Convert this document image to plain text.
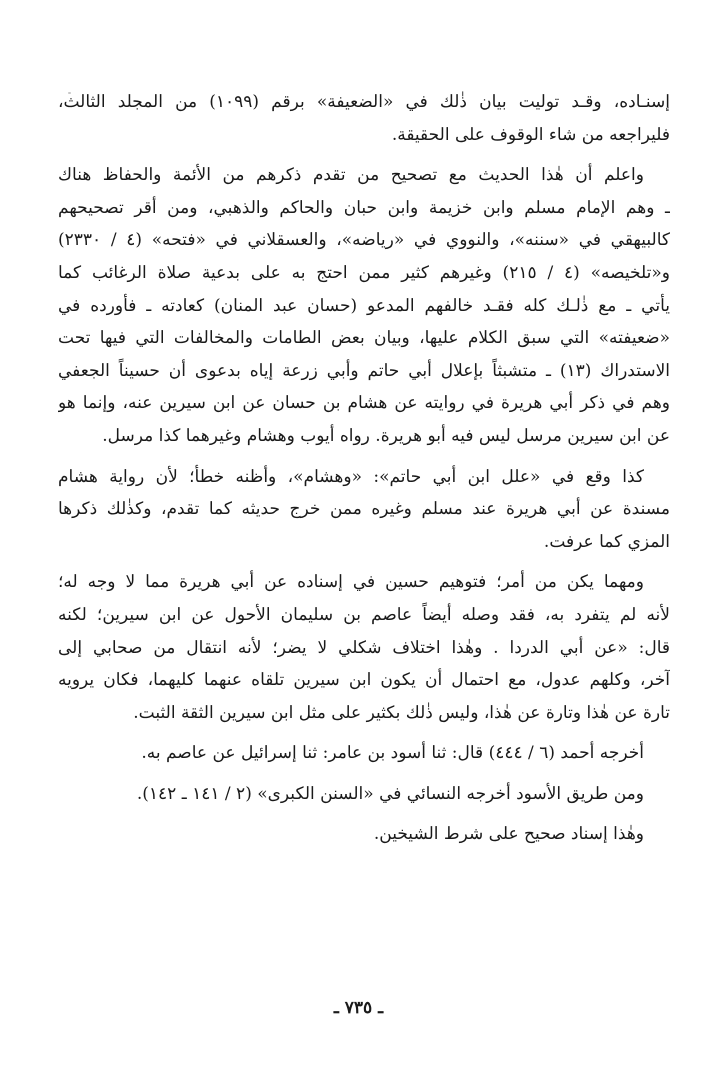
إسنـاده، وقـد توليت بيان ذٰلك في «الضعيفة» برقم (١٠٩٩) من المجلد الثالث،
فليراجعه من شاء الوقوف على الحقيقة.
واعلم أن هٰذا الحديث مع تصحيح من تقدم ذكرهم من الأئمة والحفاظ هناك
ـ وهم الإمام مسلم وابن خزيمة وابن حبان والحاكم والذهبي، ومن أقر تصحيحهم
كالبيهقي في «سننه»، والنووي في «رياضه»، والعسقلاني في «فتحه» (٤ / ٢٣٣٠)
و«تلخيصه» (٤ / ٢١٥) وغيرهم كثير ممن احتج به على بدعية صلاة الرغائب كما
يأتي ـ مع ذٰلـك كله فقـد خالفهم المدعو (حسان عبد المنان) كعادته ـ فأورده في
«ضعيفته» التي سبق الكلام عليها، وبيان بعض الطامات والمخالفات التي فيها تحت
الاستدراك (١٣) ـ متشبثاً بإعلال أبي حاتم وأبي زرعة إياه بدعوى أن حسيناً الجعفي
وهم في ذكر أبي هريرة في روايته عن هشام بن حسان عن ابن سيرين عنه، وإنما هو
عن ابن سيرين مرسل ليس فيه أبو هريرة. رواه أيوب وهشام وغيرهما كذا مرسل.
كذا وقع في «علل ابن أبي حاتم»: «وهشام»، وأظنه خطأ؛ لأن رواية هشام
مسندة عن أبي هريرة عند مسلم وغيره ممن خرج حديثه كما تقدم، وكذٰلك ذكرها
المزي كما عرفت.
ومهما يكن من أمر؛ فتوهيم حسين في إسناده عن أبي هريرة مما لا وجه له؛
لأنه لم يتفرد به، فقد وصله أيضاً عاصم بن سليمان الأحول عن ابن سيرين؛ لكنه
قال: «عن أبي الدردا . وهٰذا اختلاف شكلي لا يضر؛ لأنه انتقال من صحابي إلى
آخر، وكلهم عدول، مع احتمال أن يكون ابن سيرين تلقاه عنهما كليهما، فكان يرويه
تارة عن هٰذا وتارة عن هٰذا، وليس ذٰلك بكثير على مثل ابن سيرين الثقة الثبت.
أخرجه أحمد (٦ / ٤٤٤) قال: ثنا أسود بن عامر: ثنا إسرائيل عن عاصم به.
ومن طريق الأسود أخرجه النسائي في «السنن الكبرى» (٢ / ١٤١ ـ ١٤٢).
وهٰذا إسناد صحيح على شرط الشيخين.
ـ ٧٣٥ ـ
